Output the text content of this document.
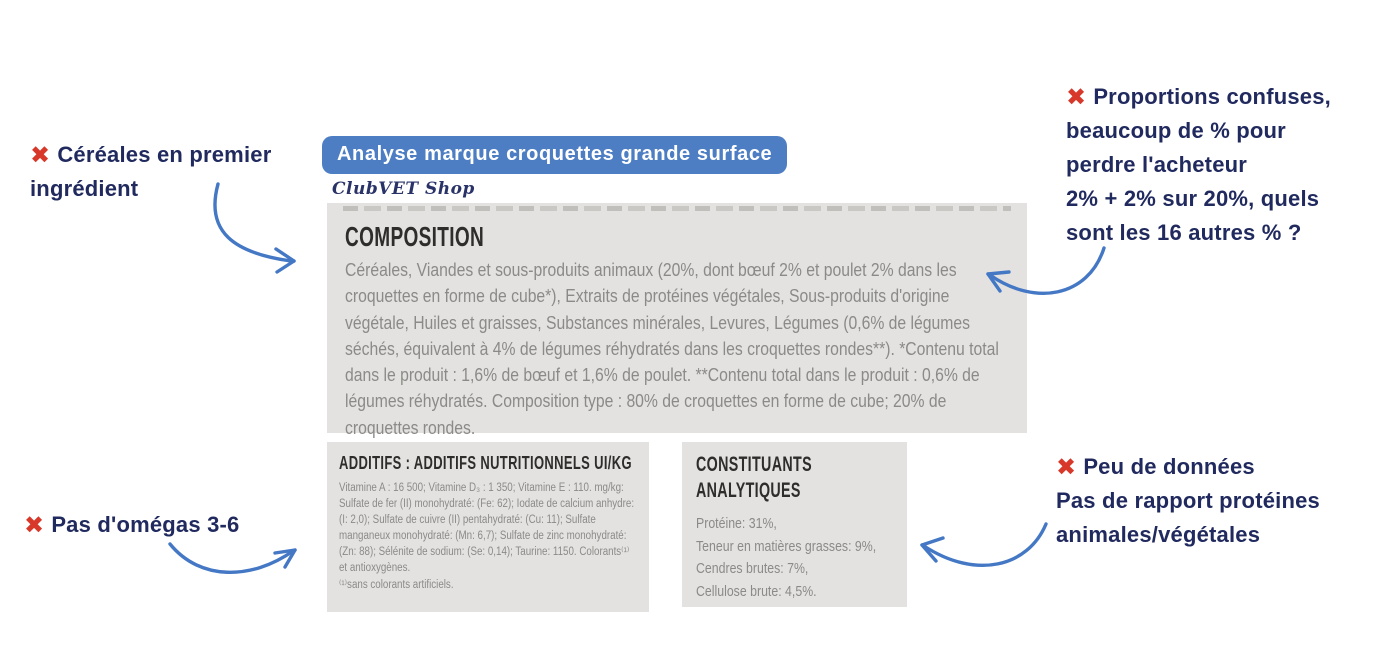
Analyse marque croquettes grande surface
ClubVET Shop
COMPOSITION

Céréales, Viandes et sous-produits animaux (20%, dont bœuf 2% et poulet 2% dans les croquettes en forme de cube*), Extraits de protéines végétales, Sous-produits d'origine végétale, Huiles et graisses, Substances minérales, Levures, Légumes (0,6% de légumes séchés, équivalent à 4% de légumes réhydratés dans les croquettes rondes**). *Contenu total dans le produit : 1,6% de bœuf et 1,6% de poulet. **Contenu total dans le produit : 0,6% de légumes réhydratés. Composition type : 80% de croquettes en forme de cube; 20% de croquettes rondes.

ADDITIFS : ADDITIFS NUTRITIONNELS UI/KG

Vitamine A : 16 500; Vitamine D₃ : 1 350; Vitamine E : 110. mg/kg: Sulfate de fer (II) monohydraté: (Fe: 62); Iodate de calcium anhydre: (I: 2,0); Sulfate de cuivre (II) pentahydraté: (Cu: 11); Sulfate manganeux monohydraté: (Mn: 6,7); Sulfate de zinc monohydraté: (Zn: 88); Sélénite de sodium: (Se: 0,14); Taurine: 1150. Colorants⁽¹⁾ et antioxygènes.

⁽¹⁾sans colorants artificiels.

CONSTITUANTS
ANALYTIQUES
Protéine: 31%,
Teneur en matières grasses: 9%,
Cendres brutes: 7%,
Cellulose brute: 4,5%.
✖ Céréales en premier
ingrédient
✖ Proportions confuses,
beaucoup de % pour
perdre l'acheteur
2% + 2% sur 20%, quels
sont les 16 autres % ?
✖ Pas d'omégas 3-6
✖ Peu de données
Pas de rapport protéines
animales/végétales
